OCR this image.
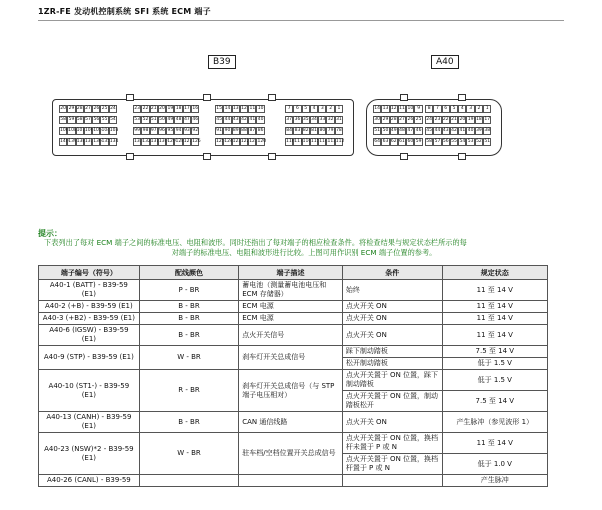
1ZR-FE 发动机控制系统 SFI 系统 ECM 端子
B39	A40
20 29 28 27 26 25 24
58 59 58 57 56 55 54
108108107106105104103
140139138137136135134
23 22 21 20 19 18 17 16
53 52 51 50 49 48 47 46
99 98 97 96 95 94 93 92
133132131130129128127126
15 14 13 12 11 10
45 44 43 42 41 40
91 90 89 88 87 86
125124123122121120
7 6 5 4 3 2 1
37 36 35 34 33 32 31
84 83 82 81 80 79 78
118117116115114113112
14 13 12 11 10 9
30 29 28 27 26 25
51 50 49 48 47 46
64 63 62 61 60 59
8 7 6 5 4 3 2 1
24 23 22 21 20 19 18 17
45 44 43 42 41 40 39 38
58 57 56 55 54 53 52 51
提示：
下表列出了每对 ECM 端子之间的标准电压、电阻和波形。同时还指出了每对端子的相应检查条件。将检查结果与规定状态栏所示的每
对端子的标准电压、电阻和波形进行比较。上图可用作识别 ECM 端子位置的参考。
端子编号（符号）	配线颜色	端子描述	条件	规定状态
A40-1 (BATT) - B39-59 (E1)	P - BR	蓄电池（测量蓄电池电压和 ECM 存储器）	始终	11 至 14 V
A40-2 (+B) - B39-59 (E1)	B - BR	ECM 电源	点火开关 ON	11 至 14 V
A40-3 (+B2) - B39-59 (E1)	B - BR	ECM 电源	点火开关 ON	11 至 14 V
A40-6 (IGSW) - B39-59 (E1)	B - BR	点火开关信号	点火开关 ON	11 至 14 V
A40-9 (STP) - B39-59 (E1)	W - BR	刹车灯开关总成信号	踩下制动踏板	7.5 至 14 V
			松开制动踏板	低于 1.5 V
A40-10 (ST1-) - B39-59 (E1)	R - BR	刹车灯开关总成信号（与 STP 端子电压相对）	点火开关置于 ON 位置，踩下制动踏板	低于 1.5 V
			点火开关置于 ON 位置，制动踏板松开	7.5 至 14 V
A40-13 (CANH) - B39-59 (E1)	B - BR	CAN 通信线路	点火开关 ON	产生脉冲（参见波形 1）
A40-23 (NSW)*2 - B39-59 (E1)	W - BR	驻车档/空档位置开关总成信号	点火开关置于 ON 位置，换档杆未置于 P 或 N	11 至 14 V
			点火开关置于 ON 位置，换档杆置于 P 或 N	低于 1.0 V
A40-26 (CANL) - B39-59				产生脉冲
